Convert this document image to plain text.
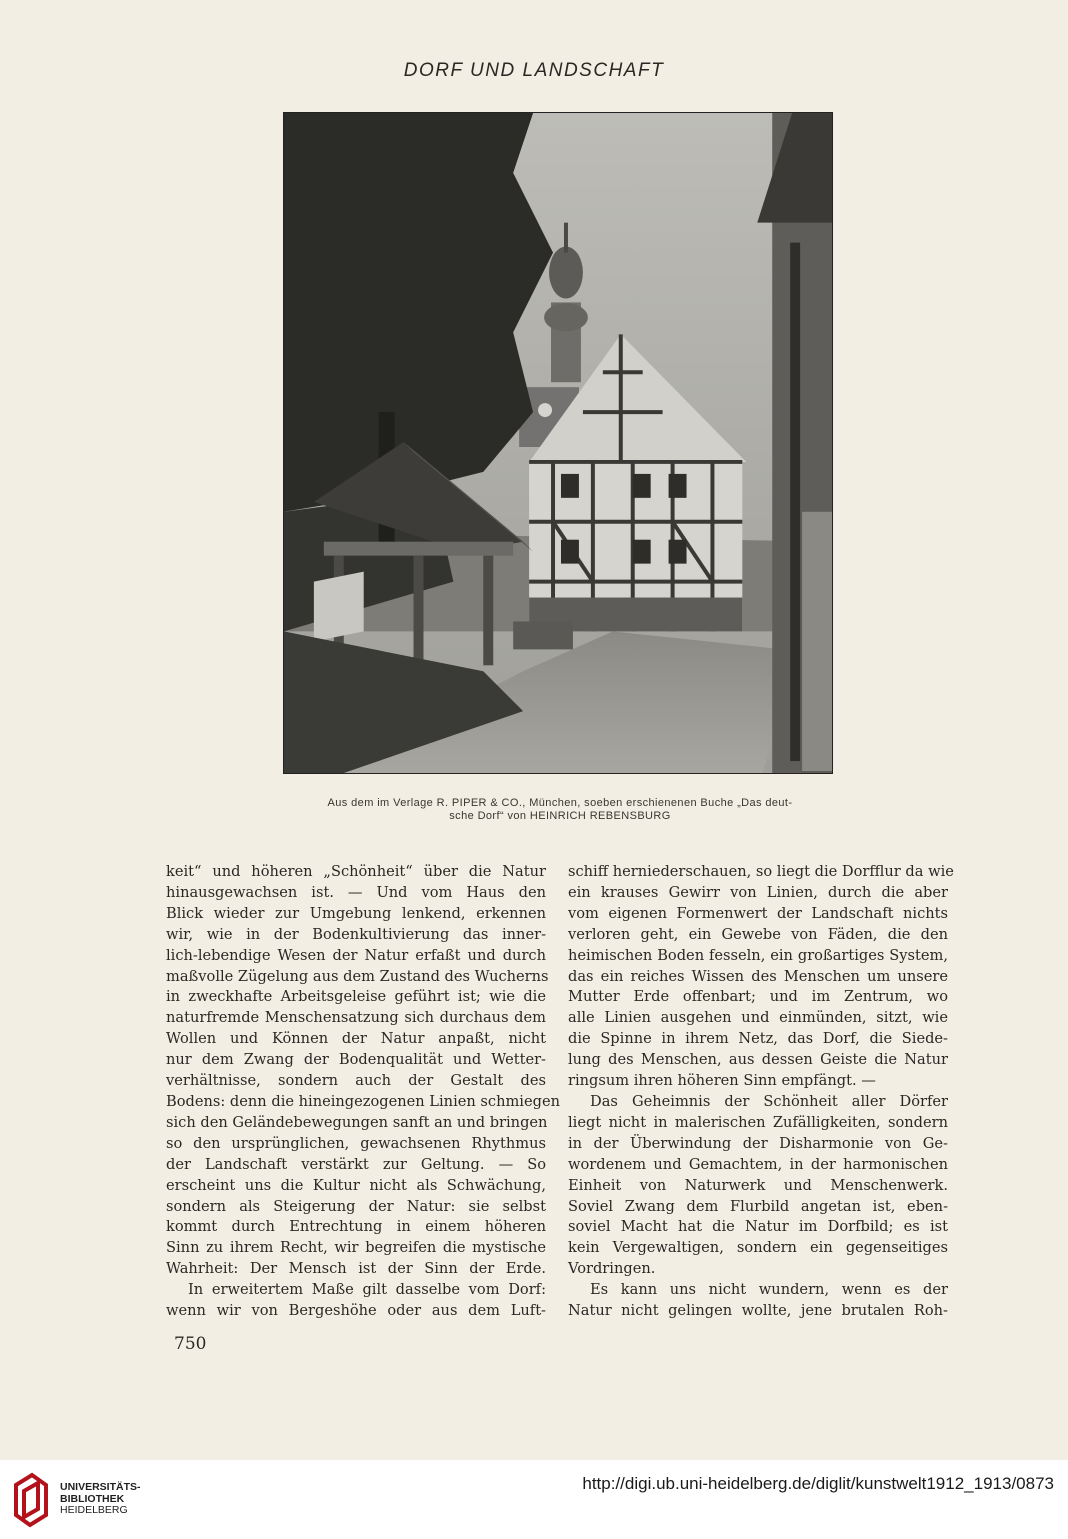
DORF UND LANDSCHAFT
Aus dem im Verlage R. PIPER & CO., München, soeben erschienenen Buche „Das deut-
sche Dorf“ von HEINRICH REBENSBURG
keit“ und höheren „Schönheit“ über die Natur
hinausgewachsen ist. — Und vom Haus den
Blick wieder zur Umgebung lenkend, erkennen
wir, wie in der Bodenkultivierung das inner-
lich-lebendige Wesen der Natur erfaßt und durch
maßvolle Zügelung aus dem Zustand des Wucherns
in zweckhafte Arbeitsgeleise geführt ist; wie die
naturfremde Menschensatzung sich durchaus dem
Wollen und Können der Natur anpaßt, nicht
nur dem Zwang der Bodenqualität und Wetter-
verhältnisse, sondern auch der Gestalt des
Bodens: denn die hineingezogenen Linien schmiegen
sich den Geländebewegungen sanft an und bringen
so den ursprünglichen, gewachsenen Rhythmus
der Landschaft verstärkt zur Geltung. — So
erscheint uns die Kultur nicht als Schwächung,
sondern als Steigerung der Natur: sie selbst
kommt durch Entrechtung in einem höheren
Sinn zu ihrem Recht, wir begreifen die mystische
Wahrheit: Der Mensch ist der Sinn der Erde.
In erweitertem Maße gilt dasselbe vom Dorf:
wenn wir von Bergeshöhe oder aus dem Luft-
schiff herniederschauen, so liegt die Dorfflur da wie
ein krauses Gewirr von Linien, durch die aber
vom eigenen Formenwert der Landschaft nichts
verloren geht, ein Gewebe von Fäden, die den
heimischen Boden fesseln, ein großartiges System,
das ein reiches Wissen des Menschen um unsere
Mutter Erde offenbart; und im Zentrum, wo
alle Linien ausgehen und einmünden, sitzt, wie
die Spinne in ihrem Netz, das Dorf, die Siede-
lung des Menschen, aus dessen Geiste die Natur
ringsum ihren höheren Sinn empfängt. —
Das Geheimnis der Schönheit aller Dörfer
liegt nicht in malerischen Zufälligkeiten, sondern
in der Überwindung der Disharmonie von Ge-
wordenem und Gemachtem, in der harmonischen
Einheit von Naturwerk und Menschenwerk.
Soviel Zwang dem Flurbild angetan ist, eben-
soviel Macht hat die Natur im Dorfbild; es ist
kein Vergewaltigen, sondern ein gegenseitiges
Vordringen.
Es kann uns nicht wundern, wenn es der
Natur nicht gelingen wollte, jene brutalen Roh-
750
UNIVERSITÄTS-
BIBLIOTHEK
HEIDELBERG
http://digi.ub.uni-heidelberg.de/diglit/kunstwelt1912_1913/0873
